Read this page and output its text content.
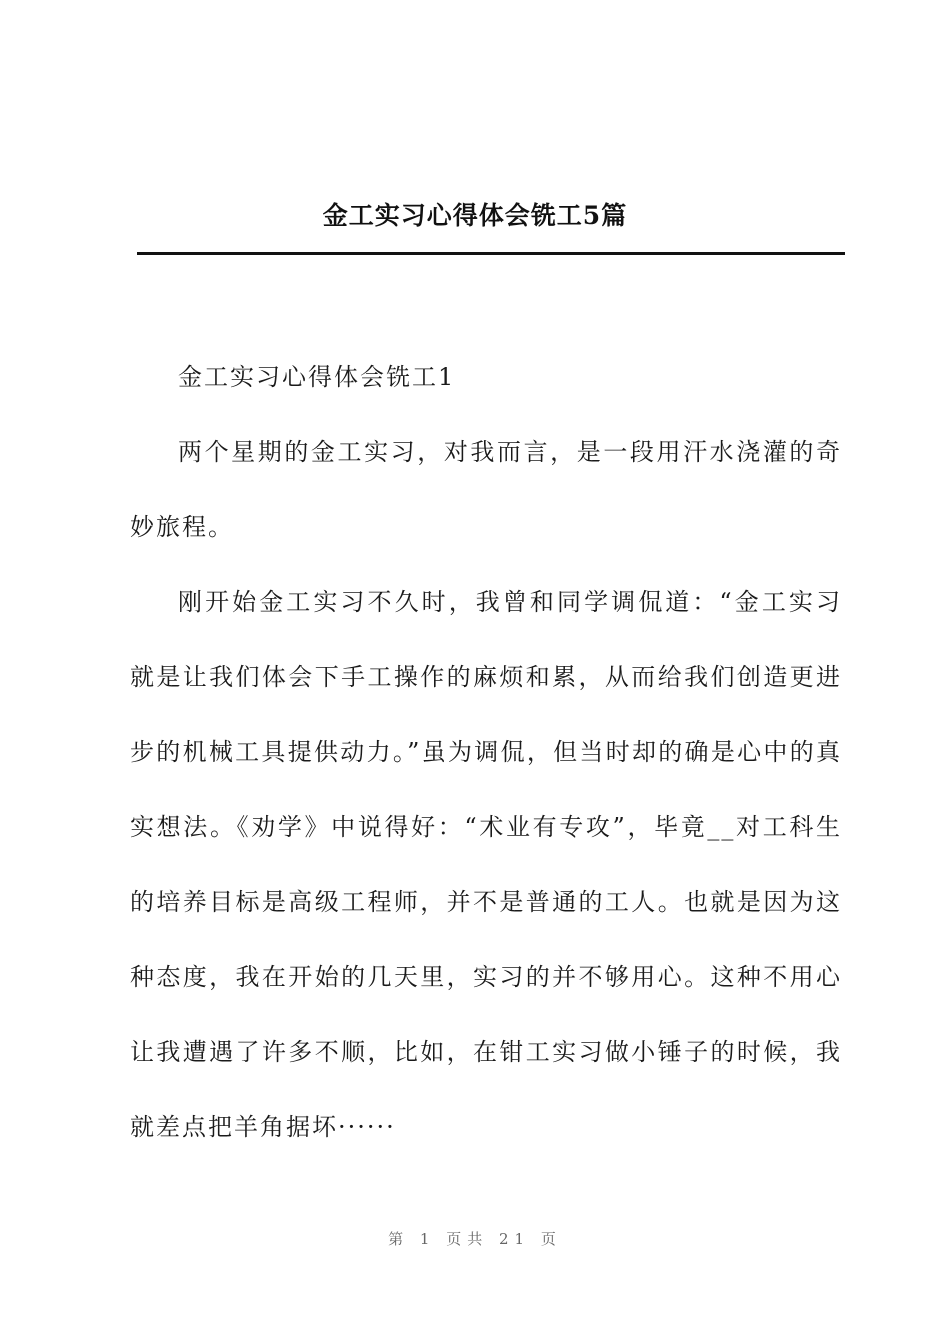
金工实习心得体会铣工5篇

金工实习心得体会铣工1

两个星期的金工实习，对我而言，是一段用汗水浇灌的奇妙旅程。

刚开始金工实习不久时，我曾和同学调侃道：“金工实习就是让我们体会下手工操作的麻烦和累，从而给我们创造更进步的机械工具提供动力。”虽为调侃，但当时却的确是心中的真实想法。《劝学》中说得好：“术业有专攻”，毕竟__对工科生的培养目标是高级工程师，并不是普通的工人。也就是因为这种态度，我在开始的几天里，实习的并不够用心。这种不用心让我遭遇了许多不顺，比如，在钳工实习做小锤子的时候，我就差点把羊角据坏······

第 1 页共 21 页
